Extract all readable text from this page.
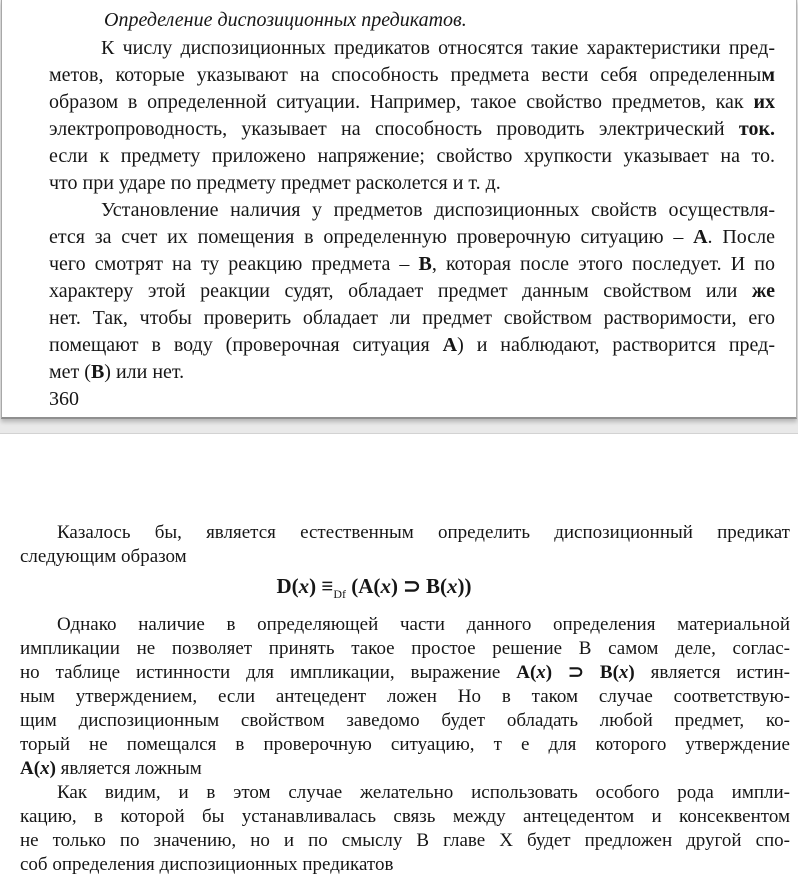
Определение диспозиционных предикатов.
К числу диспозиционных предикатов относятся такие характеристики пред-
метов, которые указывают на способность предмета вести себя определенным
образом в определенной ситуации. Например, такое свойство предметов, как их
электропроводность, указывает на способность проводить электрический ток.
если к предмету приложено напряжение; свойство хрупкости указывает на то.
что при ударе по предмету предмет расколется и т. д.
Установление наличия у предметов диспозиционных свойств осуществля-
ется за счет их помещения в определенную проверочную ситуацию – А. После
чего смотрят на ту реакцию предмета – В, которая после этого последует. И по
характеру этой реакции судят, обладает предмет данным свойством или же
нет. Так, чтобы проверить обладает ли предмет свойством растворимости, его
помещают в воду (проверочная ситуация А) и наблюдают, растворится пред-
мет (В) или нет.
360
Казалось бы, является естественным определить диспозиционный предикат
следующим образом
$D(x) \equiv_{Df}$ (A(x) ⊃ B(x))
Однако наличие в определяющей части данного определения материальной
импликации не позволяет принять такое простое решение В самом деле, соглас-
но таблице истинности для импликации, выражение А(х) ⊃ В(х) является истин-
ным утверждением, если антецедент ложен Но в таком случае соответствую-
щим диспозиционным свойством заведомо будет обладать любой предмет, ко-
торый не помещался в проверочную ситуацию, т е для которого утверждение
А(х) является ложным
Как видим, и в этом случае желательно использовать особого рода импли-
кацию, в которой бы устанавливалась связь между антецедентом и консеквентом
не только по значению, но и по смыслу В главе X будет предложен другой спо-
соб определения диспозиционных предикатов
